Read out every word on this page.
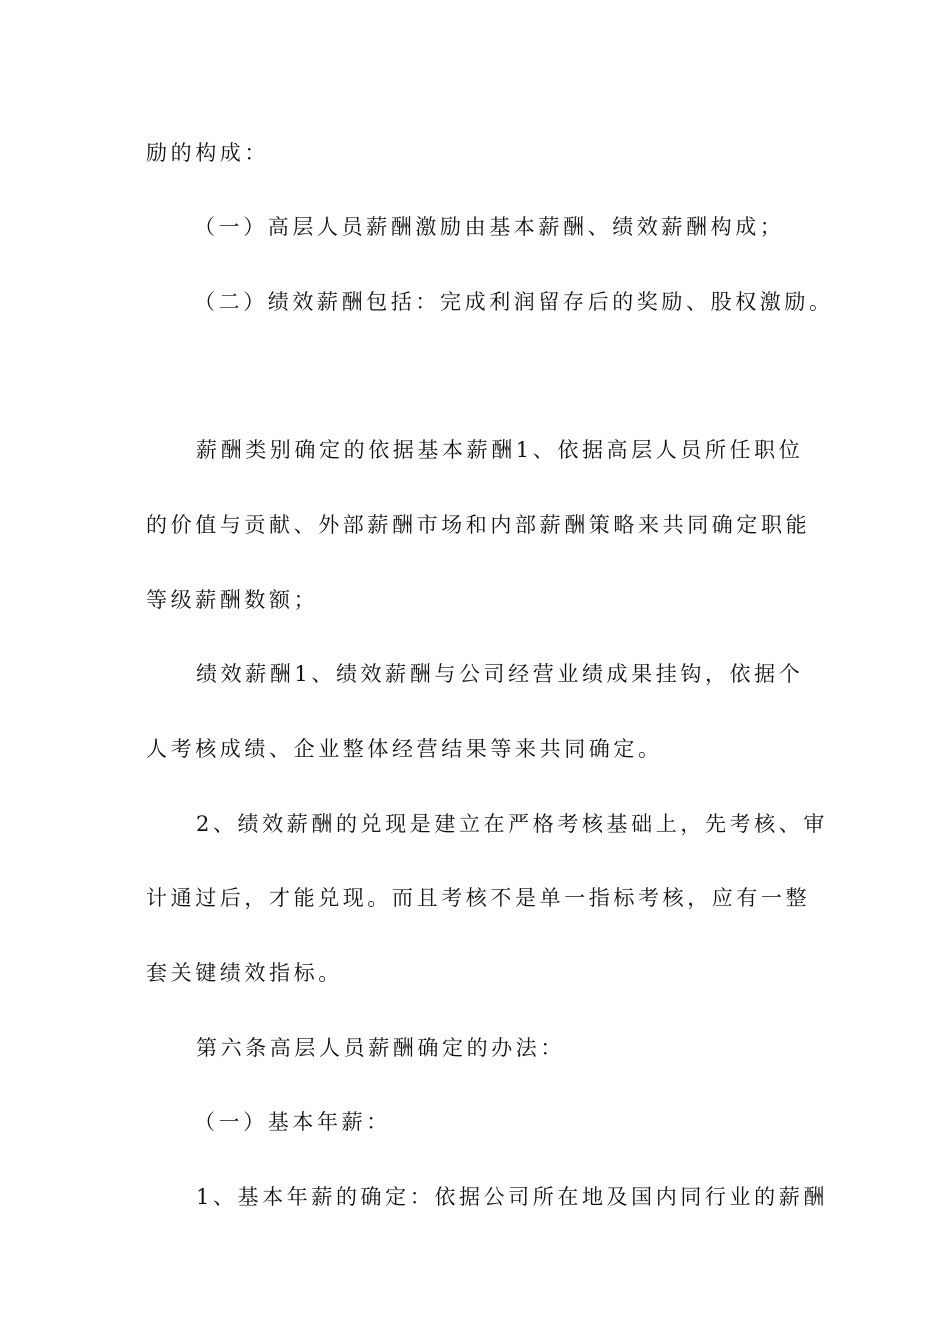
励的构成：
（一）高层人员薪酬激励由基本薪酬、绩效薪酬构成；
（二）绩效薪酬包括：完成利润留存后的奖励、股权激励。
薪酬类别确定的依据基本薪酬1、依据高层人员所任职位
的价值与贡献、外部薪酬市场和内部薪酬策略来共同确定职能
等级薪酬数额；
绩效薪酬1、绩效薪酬与公司经营业绩成果挂钩，依据个
人考核成绩、企业整体经营结果等来共同确定。
2、绩效薪酬的兑现是建立在严格考核基础上，先考核、审
计通过后，才能兑现。而且考核不是单一指标考核，应有一整
套关键绩效指标。
第六条高层人员薪酬确定的办法：
（一）基本年薪：
1、基本年薪的确定：依据公司所在地及国内同行业的薪酬
